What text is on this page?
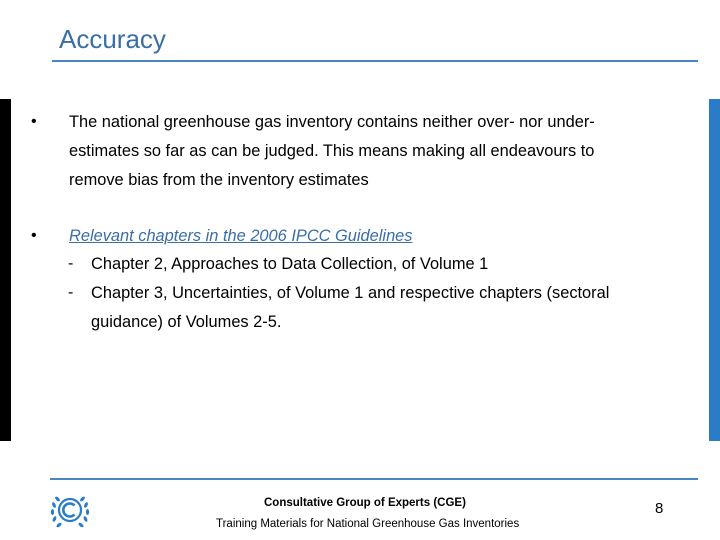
Accuracy
• The national greenhouse gas inventory contains neither over- nor under-
estimates so far as can be judged. This means making all endeavours to
remove bias from the inventory estimates
• Relevant chapters in the 2006 IPCC Guidelines
- Chapter 2, Approaches to Data Collection, of Volume 1
- Chapter 3, Uncertainties, of Volume 1 and respective chapters (sectoral
guidance) of Volumes 2-5.
Consultative Group of Experts (CGE)
Training Materials for National Greenhouse Gas Inventories
8
